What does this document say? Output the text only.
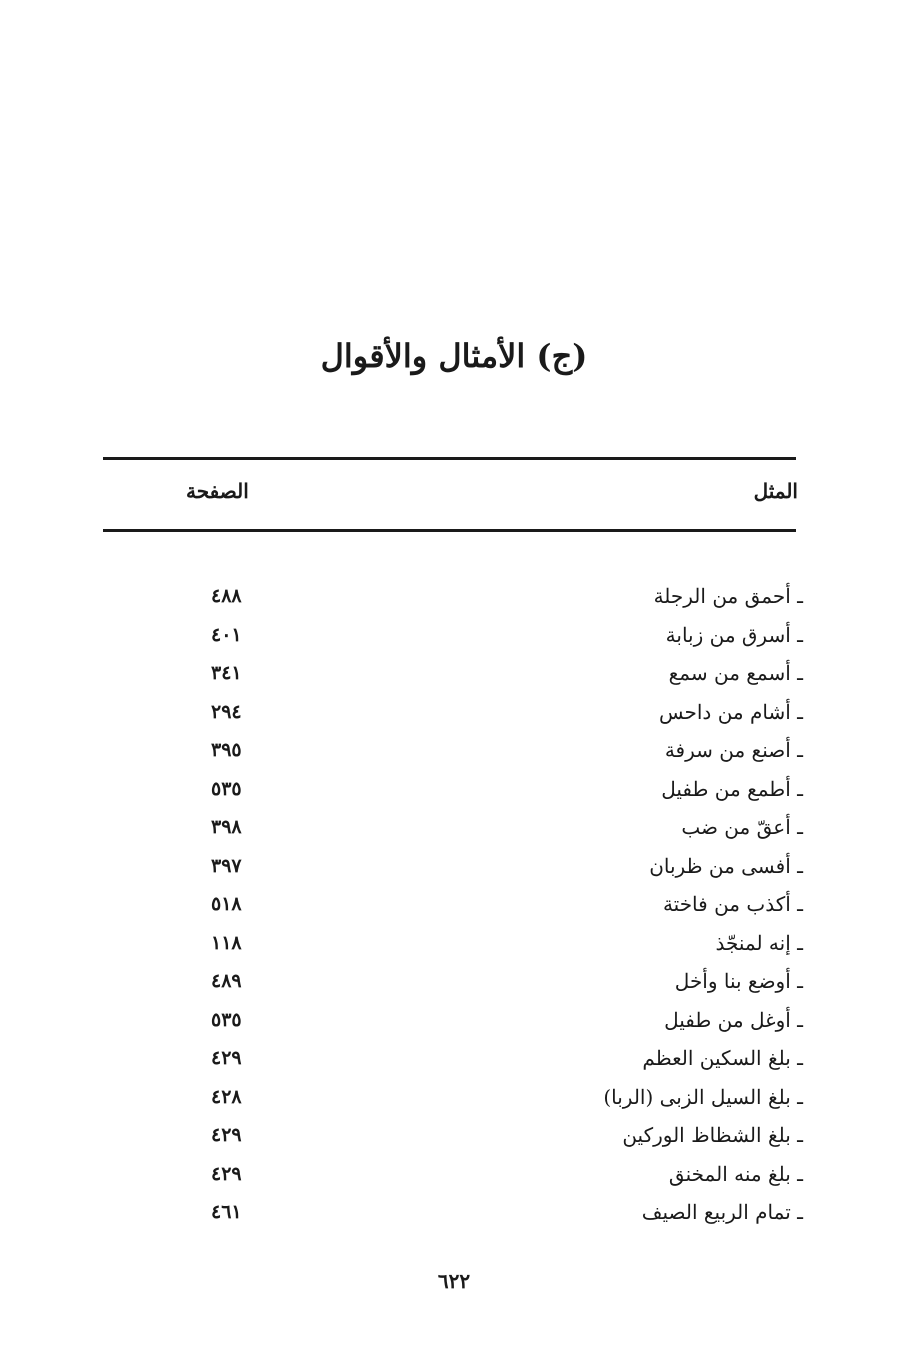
(ج) الأمثال والأقوال
المثل
الصفحة
ـ أحمق من الرجلة
٤٨٨
ـ أسرق من زبابة
٤٠١
ـ أسمع من سمع
٣٤١
ـ أشام من داحس
٢٩٤
ـ أصنع من سرفة
٣٩٥
ـ أطمع من طفيل
٥٣٥
ـ أعقّ من ضب
٣٩٨
ـ أفسى من ظربان
٣٩٧
ـ أكذب من فاختة
٥١٨
ـ إنه لمنجّذ
١١٨
ـ أوضع بنا وأخل
٤٨٩
ـ أوغل من طفيل
٥٣٥
ـ بلغ السكين العظم
٤٢٩
ـ بلغ السيل الزبى (الربا)
٤٢٨
ـ بلغ الشظاظ الوركين
٤٢٩
ـ بلغ منه المخنق
٤٢٩
ـ تمام الربيع الصيف
٤٦١
٦٢٢
